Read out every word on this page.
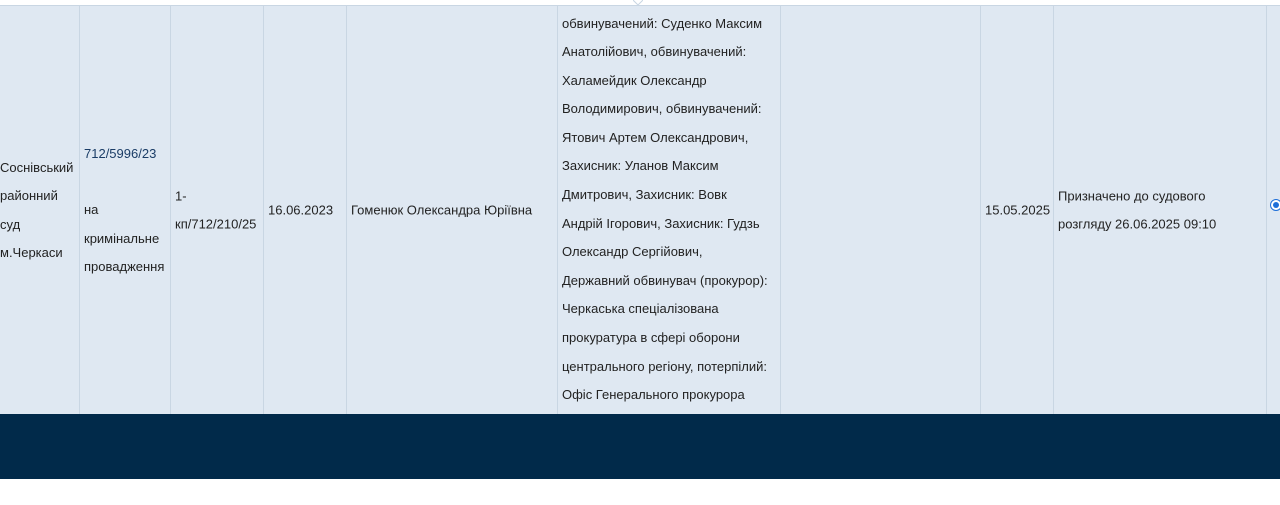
Соснівський
районний
суд
м.Черкаси
712/5996/23
на
кримінальне
провадження
1-
кп/712/210/25
16.06.2023	Гоменюк Олександра Юріївна
обвинувачений: Суденко Максим
Анатолійович, обвинувачений:
Халамейдик Олександр
Володимирович, обвинувачений:
Ятович Артем Олександрович,
Захисник: Уланов Максим
Дмитрович, Захисник: Вовк
Андрій Ігорович, Захисник: Гудзь
Олександр Сергійович,
Державний обвинувач (прокурор):
Черкаська спеціалізована
прокуратура в сфері оборони
центрального регіону, потерпілий:
Офіс Генерального прокурора
15.05.2025
Призначено до судового
розгляду 26.06.2025 09:10
